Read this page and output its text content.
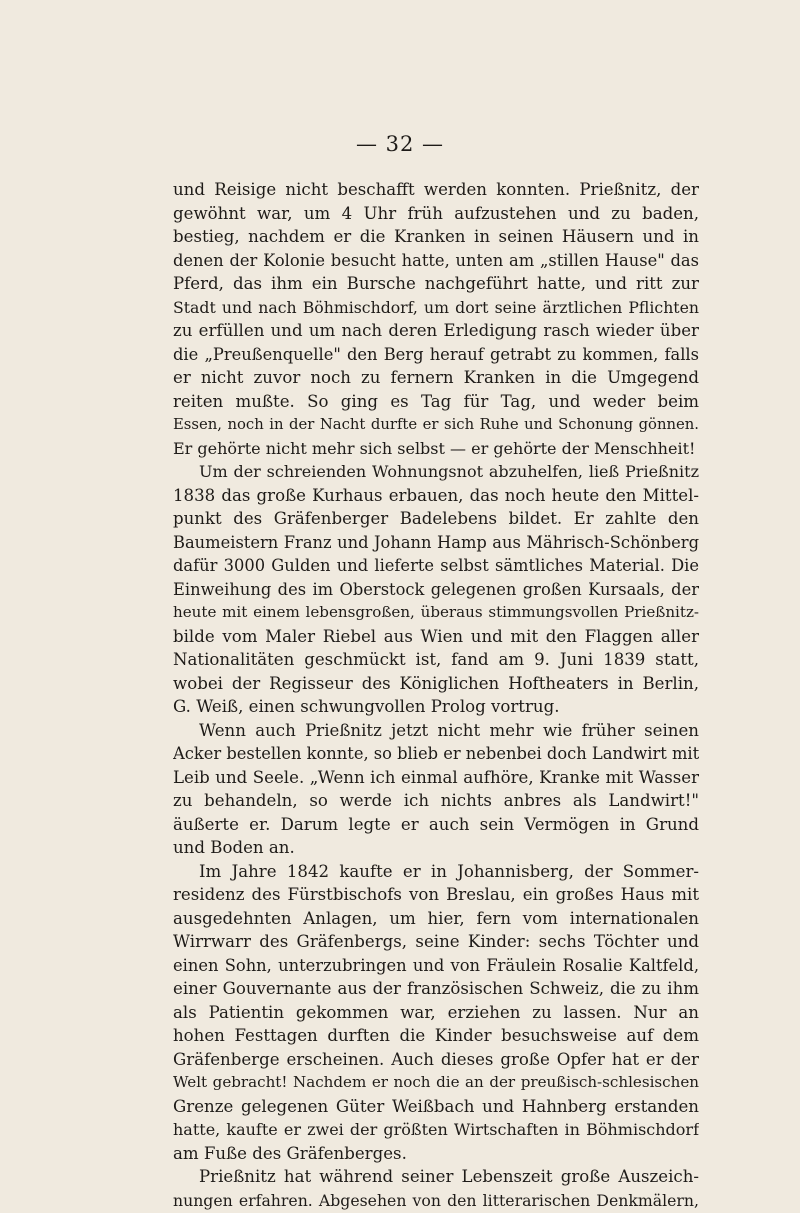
— 32 —
und Reisige nicht beschafft werden konnten. Prießnitz, der
gewöhnt war, um 4 Uhr früh aufzustehen und zu baden,
bestieg, nachdem er die Kranken in seinen Häusern und in
denen der Kolonie besucht hatte, unten am „stillen Hause" das
Pferd, das ihm ein Bursche nachgeführt hatte, und ritt zur
Stadt und nach Böhmischdorf, um dort seine ärztlichen Pflichten
zu erfüllen und um nach deren Erledigung rasch wieder über
die „Preußenquelle" den Berg herauf getrabt zu kommen, falls
er nicht zuvor noch zu fernern Kranken in die Umgegend
reiten mußte. So ging es Tag für Tag, und weder beim
Essen, noch in der Nacht durfte er sich Ruhe und Schonung gönnen.
Er gehörte nicht mehr sich selbst — er gehörte der Menschheit!
Um der schreienden Wohnungsnot abzuhelfen, ließ Prießnitz
1838 das große Kurhaus erbauen, das noch heute den Mittel-
punkt des Gräfenberger Badelebens bildet. Er zahlte den
Baumeistern Franz und Johann Hamp aus Mährisch-Schönberg
dafür 3000 Gulden und lieferte selbst sämtliches Material. Die
Einweihung des im Oberstock gelegenen großen Kursaals, der
heute mit einem lebensgroßen, überaus stimmungsvollen Prießnitz-
bilde vom Maler Riebel aus Wien und mit den Flaggen aller
Nationalitäten geschmückt ist, fand am 9. Juni 1839 statt,
wobei der Regisseur des Königlichen Hoftheaters in Berlin,
G. Weiß, einen schwungvollen Prolog vortrug.
Wenn auch Prießnitz jetzt nicht mehr wie früher seinen
Acker bestellen konnte, so blieb er nebenbei doch Landwirt mit
Leib und Seele. „Wenn ich einmal aufhöre, Kranke mit Wasser
zu behandeln, so werde ich nichts anbres als Landwirt!"
äußerte er. Darum legte er auch sein Vermögen in Grund
und Boden an.
Im Jahre 1842 kaufte er in Johannisberg, der Sommer-
residenz des Fürstbischofs von Breslau, ein großes Haus mit
ausgedehnten Anlagen, um hier, fern vom internationalen
Wirrwarr des Gräfenbergs, seine Kinder: sechs Töchter und
einen Sohn, unterzubringen und von Fräulein Rosalie Kaltfeld,
einer Gouvernante aus der französischen Schweiz, die zu ihm
als Patientin gekommen war, erziehen zu lassen. Nur an
hohen Festtagen durften die Kinder besuchsweise auf dem
Gräfenberge erscheinen. Auch dieses große Opfer hat er der
Welt gebracht! Nachdem er noch die an der preußisch-schlesischen
Grenze gelegenen Güter Weißbach und Hahnberg erstanden
hatte, kaufte er zwei der größten Wirtschaften in Böhmischdorf
am Fuße des Gräfenberges.
Prießnitz hat während seiner Lebenszeit große Auszeich-
nungen erfahren. Abgesehen von den litterarischen Denkmälern,
